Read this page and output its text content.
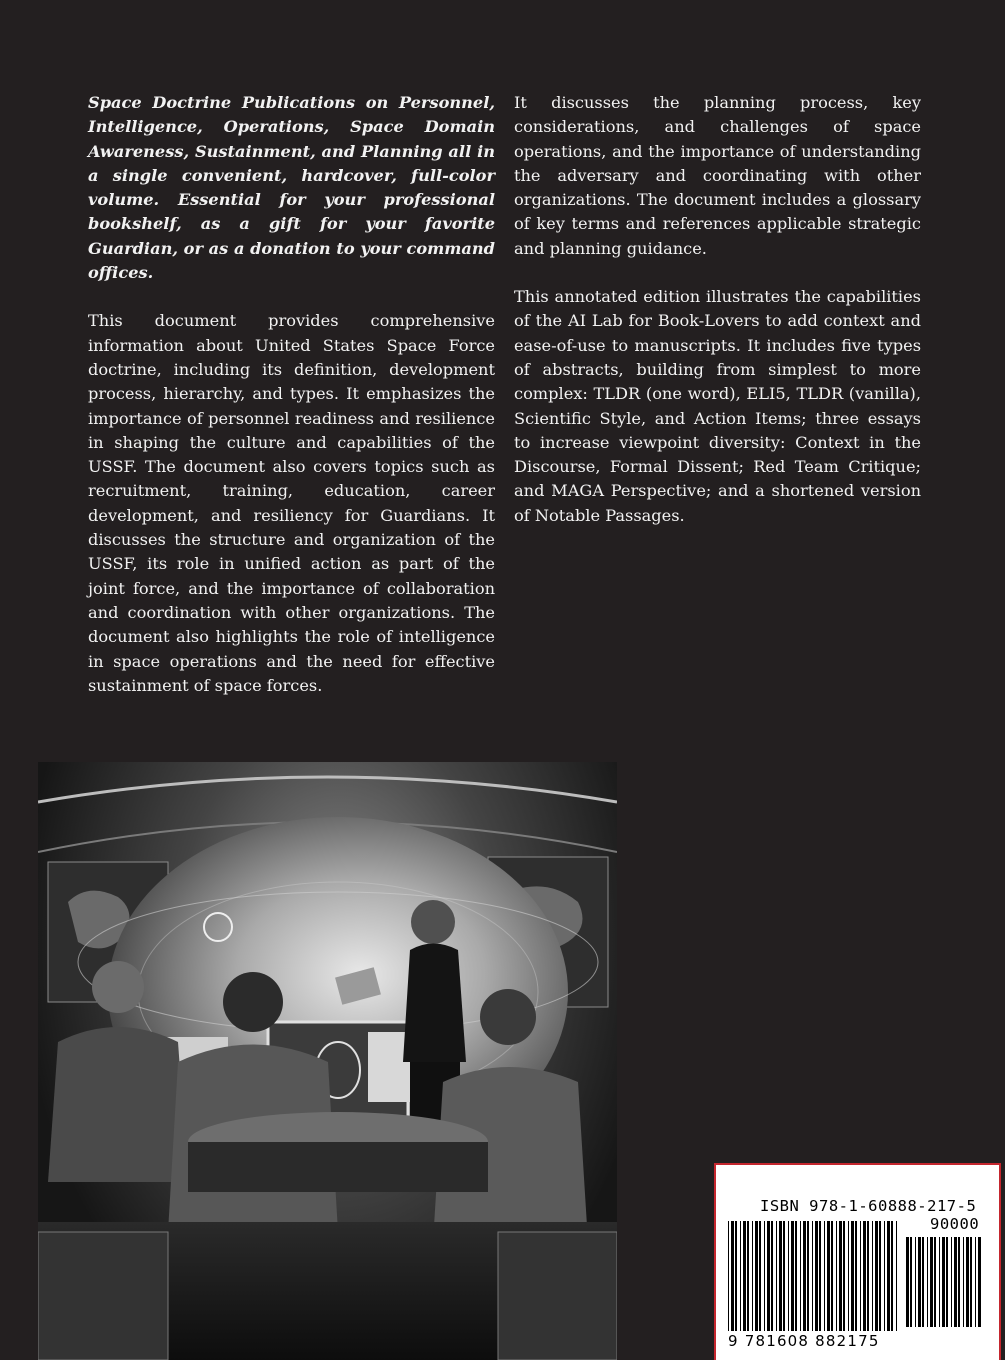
Space Doctrine Publications on Personnel, Intelligence, Operations, Space Domain Awareness, Sustainment, and Planning all in a single convenient, hardcover, full-color volume. Essential for your professional bookshelf, as a gift for your favorite Guardian, or as a donation to your command offices.

This document provides comprehensive information about United States Space Force doctrine, including its definition, development process, hierarchy, and types. It emphasizes the importance of personnel readiness and resilience in shaping the culture and capabilities of the USSF. The document also covers topics such as recruitment, training, education, career development, and resiliency for Guardians. It discusses the structure and organization of the USSF, its role in unified action as part of the joint force, and the importance of collaboration and coordination with other organizations. The document also highlights the role of intelligence in space operations and the need for effective sustainment of space forces.

It discusses the planning process, key considerations, and challenges of space operations, and the importance of understanding the adversary and coordinating with other organizations. The document includes a glossary of key terms and references applicable strategic and planning guidance.

This annotated edition illustrates the capabilities of the AI Lab for Book-Lovers to add context and ease-of-use to manuscripts. It includes five types of abstracts, building from simplest to more complex: TLDR (one word), ELI5, TLDR (vanilla), Scientific Style, and Action Items; three essays to increase viewpoint diversity: Context in the Discourse, Formal Dissent; Red Team Critique; and MAGA Perspective; and a shortened version of Notable Passages.

ISBN 978-1-60888-217-5
90000
9 781608 882175
